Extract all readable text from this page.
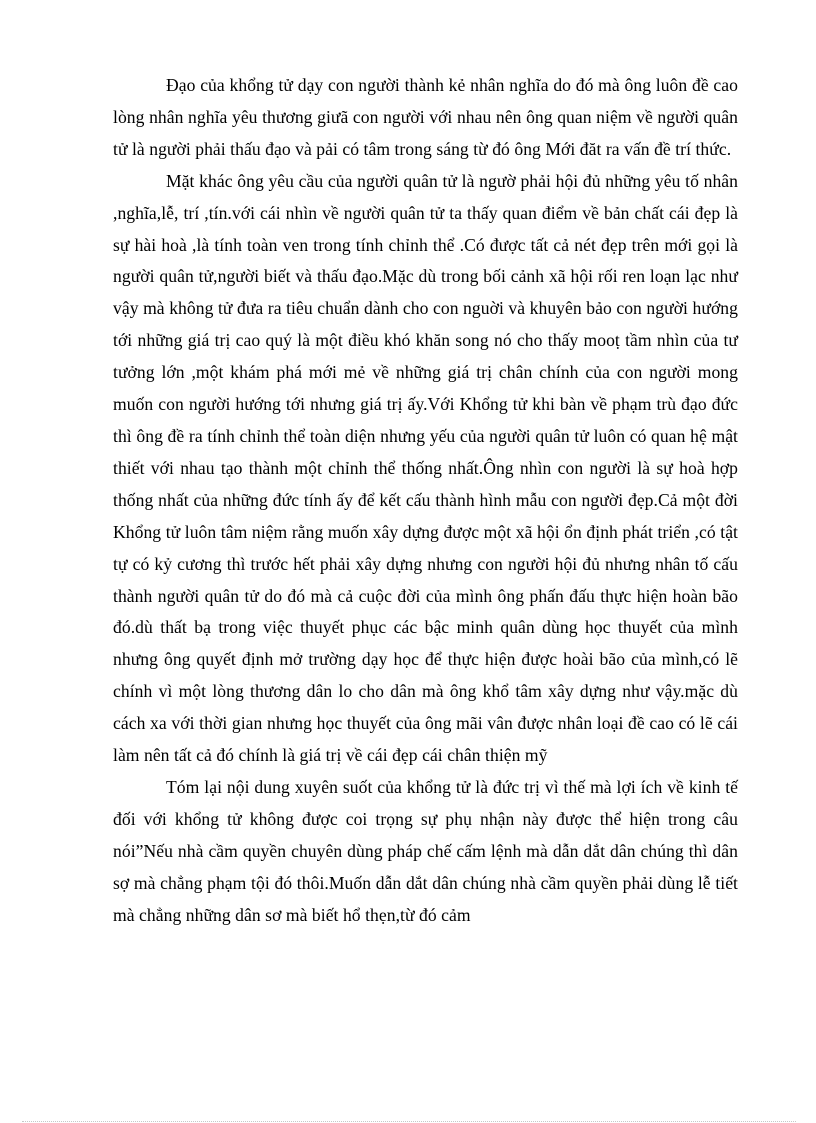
Đạo của khổng tử dạy con người thành kẻ nhân nghĩa do đó mà ông luôn đề cao lòng nhân nghĩa yêu thương giưã con người với nhau nên ông quan niệm về người quân tử là người phải thấu đạo và pải có tâm trong sáng từ đó ông Mới đăt ra vấn đề trí thức.

Mặt khác ông yêu cầu của người quân tử là ngườ phải hội đủ những yêu tố nhân ,nghĩa,lễ, trí ,tín.với cái nhìn về người quân tử ta thấy quan điểm về bản chất cái đẹp là sự hài hoà ,là tính toàn ven trong tính chỉnh thể .Có được tất cả nét đẹp trên mới gọi là người quân tử,người biết và thấu đạo.Mặc dù trong bối cảnh xã hội rối ren loạn lạc như vậy mà không tử đưa ra tiêu chuẩn dành cho con nguời và khuyên bảo con người hướng tới những giá trị cao quý là một điều khó khăn song nó cho thấy mooṭ tầm nhìn của tư tưởng lớn ,một khám phá mới mẻ về những giá trị chân chính của con người mong muốn con người hướng tới nhưng giá trị ấy.Với Khổng tử khi bàn về phạm trù đạo đức thì ông đề ra tính chỉnh thể toàn diện nhưng yếu của người quân tử luôn có quan hệ mật thiết với nhau tạo thành một chỉnh thể thống nhất.Ông nhìn con người là sự hoà hợp thống nhất của những đức tính ấy để kết cấu thành hình mẫu con người đẹp.Cả một đời Khổng tử luôn tâm niệm rằng muốn xây dựng được một xã hội ổn định phát triển ,có tật tự có kỷ cương thì trước hết phải xây dựng nhưng con người hội đủ nhưng nhân tố cấu thành người quân tử do đó mà cả cuộc đời của mình ông phấn đấu thực hiện hoàn bão đó.dù thất bạ trong việc thuyết phục các bậc minh quân dùng học thuyết của mình nhưng ông quyết định mở trường dạy học để thực hiện được hoài bão của mình,có lẽ chính vì một lòng thương dân lo cho dân mà ông khổ tâm xây dựng như vậy.mặc dù cách xa với thời gian nhưng học thuyết của ông mãi vân được nhân loại đề cao có lẽ cái làm nên tất cả đó chính là giá trị về cái đẹp cái chân thiện mỹ

Tóm lại nội dung xuyên suốt của khổng tử là đức trị vì thế mà lợi ích về kinh tế đối với khổng tử không được coi trọng sự phụ nhận này được thể hiện trong câu nói”Nếu nhà cầm quyền chuyên dùng pháp chế cấm lệnh mà dẫn dắt dân chúng thì dân sợ mà chẳng phạm tội đó thôi.Muốn dẫn dắt dân chúng nhà cầm quyền phải dùng lễ tiết mà chẳng những dân sơ mà biết hổ thẹn,từ đó cảm
